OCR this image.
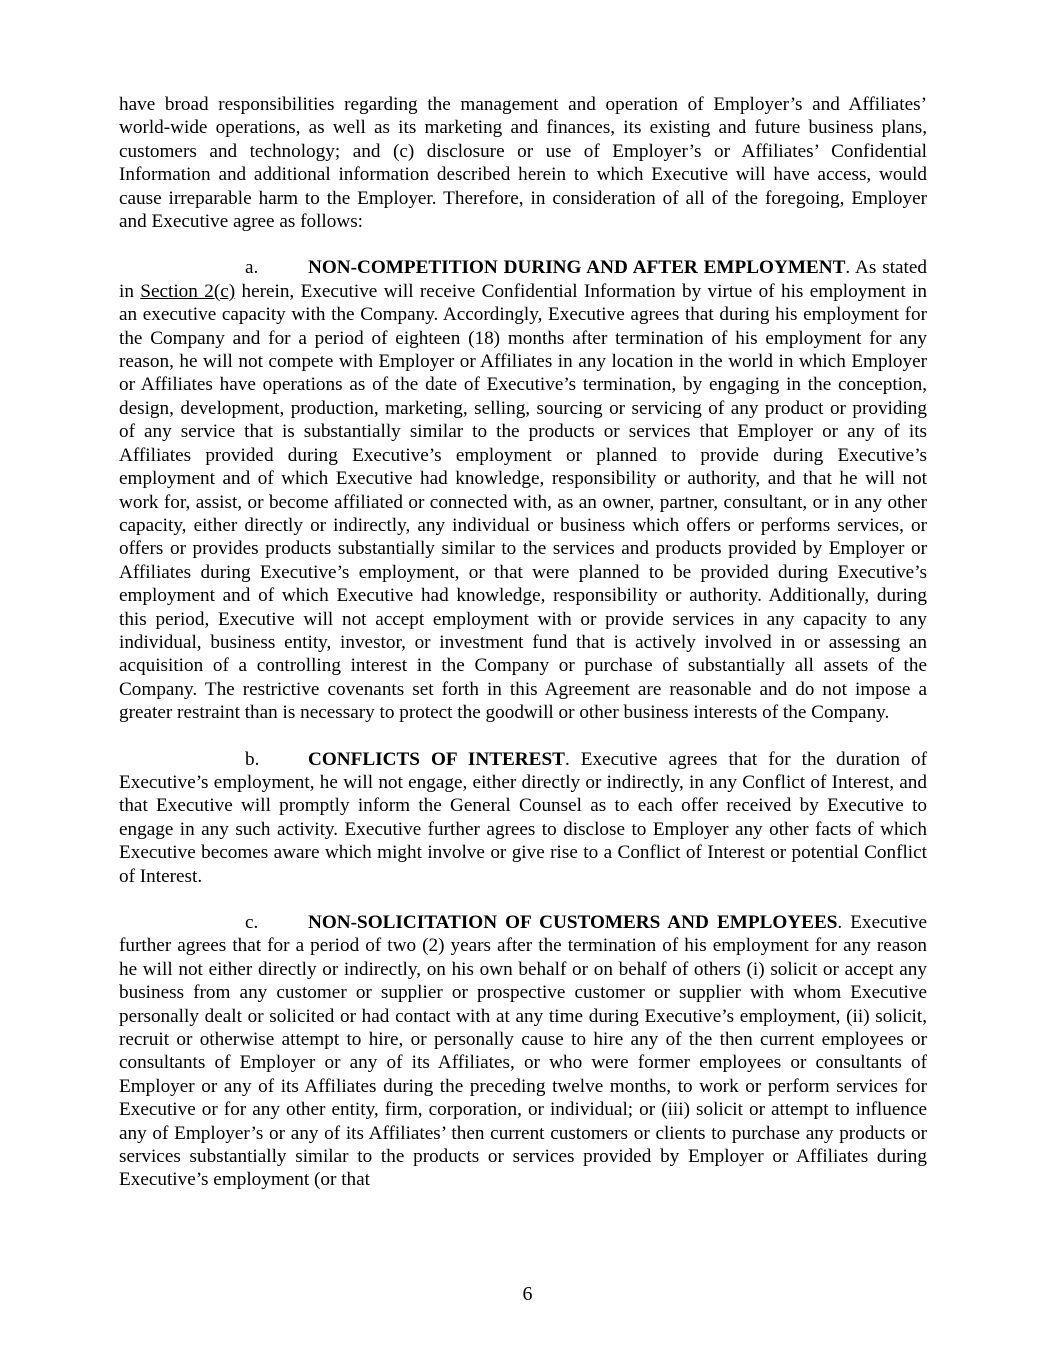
have broad responsibilities regarding the management and operation of Employer’s and Affiliates’ world-wide operations, as well as its marketing and finances, its existing and future business plans, customers and technology; and (c) disclosure or use of Employer’s or Affiliates’ Confidential Information and additional information described herein to which Executive will have access, would cause irreparable harm to the Employer. Therefore, in consideration of all of the foregoing, Employer and Executive agree as follows:

a.	NON-COMPETITION DURING AND AFTER EMPLOYMENT. As stated in Section 2(c) herein, Executive will receive Confidential Information by virtue of his employment in an executive capacity with the Company. Accordingly, Executive agrees that during his employment for the Company and for a period of eighteen (18) months after termination of his employment for any reason, he will not compete with Employer or Affiliates in any location in the world in which Employer or Affiliates have operations as of the date of Executive’s termination, by engaging in the conception, design, development, production, marketing, selling, sourcing or servicing of any product or providing of any service that is substantially similar to the products or services that Employer or any of its Affiliates provided during Executive’s employment or planned to provide during Executive’s employment and of which Executive had knowledge, responsibility or authority, and that he will not work for, assist, or become affiliated or connected with, as an owner, partner, consultant, or in any other capacity, either directly or indirectly, any individual or business which offers or performs services, or offers or provides products substantially similar to the services and products provided by Employer or Affiliates during Executive’s employment, or that were planned to be provided during Executive’s employment and of which Executive had knowledge, responsibility or authority. Additionally, during this period, Executive will not accept employment with or provide services in any capacity to any individual, business entity, investor, or investment fund that is actively involved in or assessing an acquisition of a controlling interest in the Company or purchase of substantially all assets of the Company. The restrictive covenants set forth in this Agreement are reasonable and do not impose a greater restraint than is necessary to protect the goodwill or other business interests of the Company.

b.	CONFLICTS OF INTEREST. Executive agrees that for the duration of Executive’s employment, he will not engage, either directly or indirectly, in any Conflict of Interest, and that Executive will promptly inform the General Counsel as to each offer received by Executive to engage in any such activity. Executive further agrees to disclose to Employer any other facts of which Executive becomes aware which might involve or give rise to a Conflict of Interest or potential Conflict of Interest.

c.	NON-SOLICITATION OF CUSTOMERS AND EMPLOYEES. Executive further agrees that for a period of two (2) years after the termination of his employment for any reason he will not either directly or indirectly, on his own behalf or on behalf of others (i) solicit or accept any business from any customer or supplier or prospective customer or supplier with whom Executive personally dealt or solicited or had contact with at any time during Executive’s employment, (ii) solicit, recruit or otherwise attempt to hire, or personally cause to hire any of the then current employees or consultants of Employer or any of its Affiliates, or who were former employees or consultants of Employer or any of its Affiliates during the preceding twelve months, to work or perform services for Executive or for any other entity, firm, corporation, or individual; or (iii) solicit or attempt to influence any of Employer’s or any of its Affiliates’ then current customers or clients to purchase any products or services substantially similar to the products or services provided by Employer or Affiliates during Executive’s employment (or that

6
